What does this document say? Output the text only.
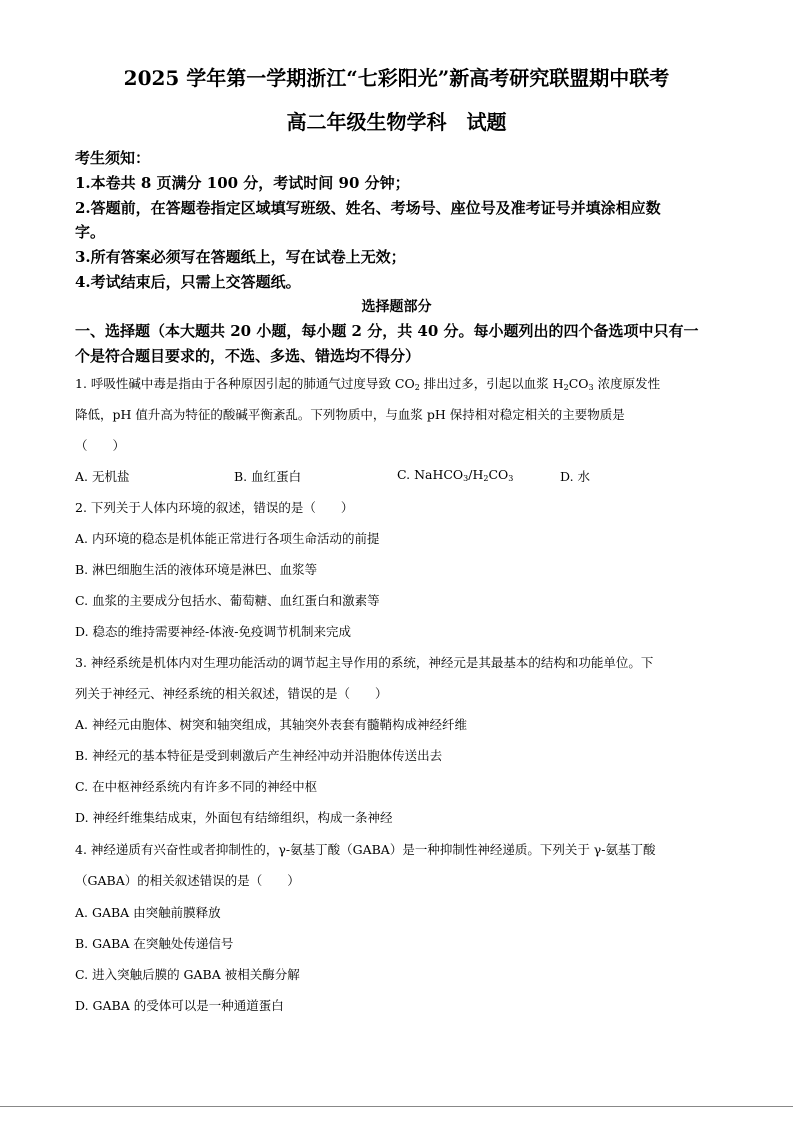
2025 学年第一学期浙江“七彩阳光”新高考研究联盟期中联考
高二年级生物学科　试题
考生须知：
1.本卷共 8 页满分 100 分，考试时间 90 分钟；
2.答题前，在答题卷指定区域填写班级、姓名、考场号、座位号及准考证号并填涂相应数
字。
3.所有答案必须写在答题纸上，写在试卷上无效；
4.考试结束后，只需上交答题纸。
选择题部分
一、选择题（本大题共 20 小题，每小题 2 分，共 40 分。每小题列出的四个备选项中只有一
个是符合题目要求的，不选、多选、错选均不得分）
1. 呼吸性碱中毒是指由于各种原因引起的肺通气过度导致 $CO_2$ 排出过多，引起以血浆 $H_2CO_3$ 浓度原发性
降低，pH 值升高为特征的酸碱平衡紊乱。下列物质中，与血浆 pH 保持相对稳定相关的主要物质是
（　　）
A. 无机盐	B. 血红蛋白	C. $NaHCO_3/H_2CO_3$	D. 水
2. 下列关于人体内环境的叙述，错误的是（　　）
A. 内环境的稳态是机体能正常进行各项生命活动的前提
B. 淋巴细胞生活的液体环境是淋巴、血浆等
C. 血浆的主要成分包括水、葡萄糖、血红蛋白和激素等
D. 稳态的维持需要神经-体液-免疫调节机制来完成
3. 神经系统是机体内对生理功能活动的调节起主导作用的系统，神经元是其最基本的结构和功能单位。下
列关于神经元、神经系统的相关叙述，错误的是（　　）
A. 神经元由胞体、树突和轴突组成，其轴突外表套有髓鞘构成神经纤维
B. 神经元的基本特征是受到刺激后产生神经冲动并沿胞体传送出去
C. 在中枢神经系统内有许多不同的神经中枢
D. 神经纤维集结成束，外面包有结缔组织，构成一条神经
4. 神经递质有兴奋性或者抑制性的，γ-氨基丁酸（GABA）是一种抑制性神经递质。下列关于 γ-氨基丁酸
（GABA）的相关叙述错误的是（　　）
A. GABA 由突触前膜释放
B. GABA 在突触处传递信号
C. 进入突触后膜的 GABA 被相关酶分解
D. GABA 的受体可以是一种通道蛋白
